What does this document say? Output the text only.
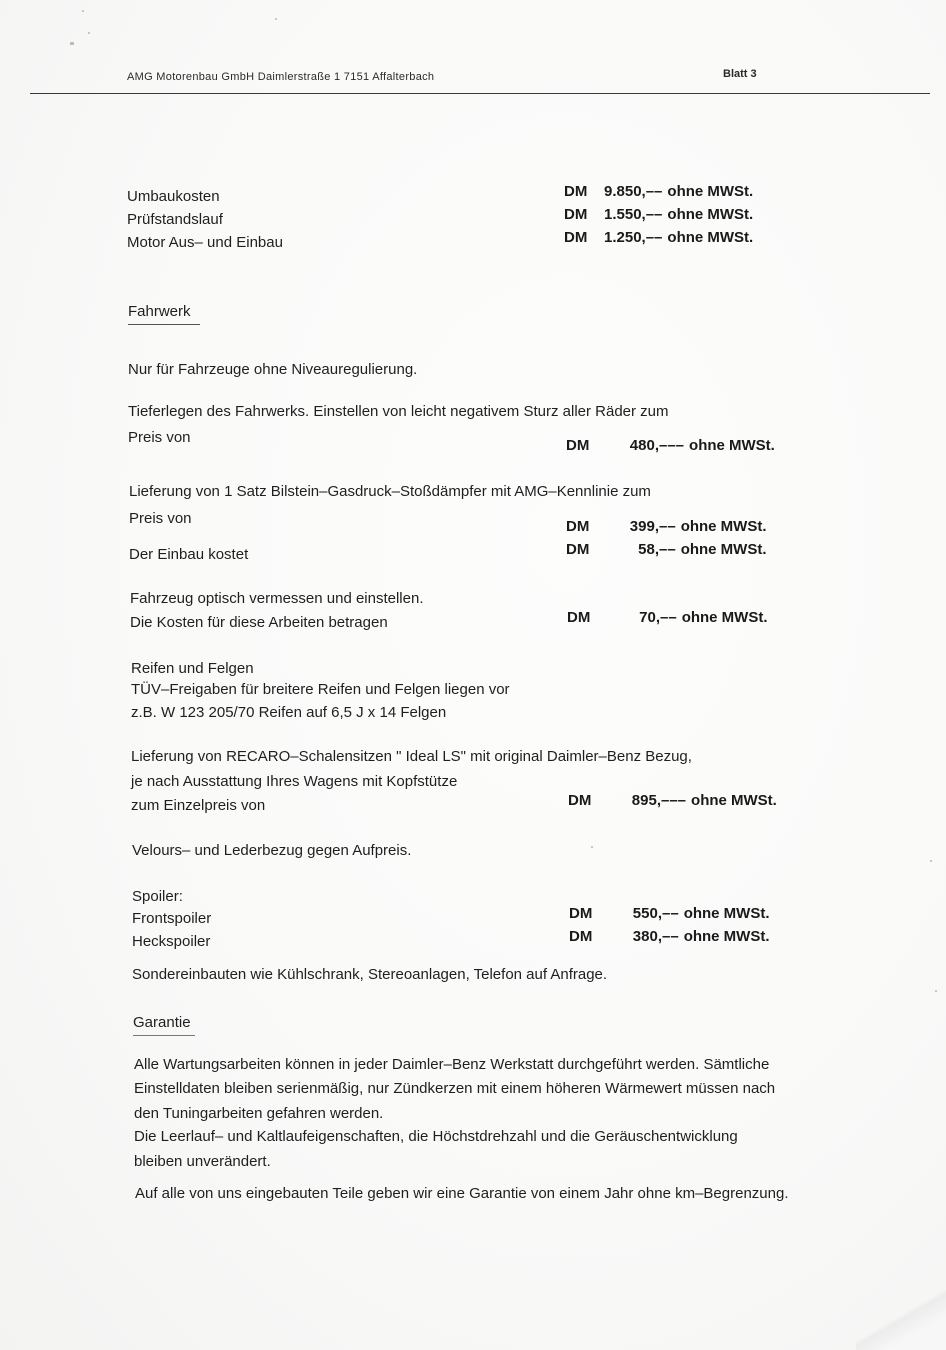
AMG Motorenbau GmbH Daimlerstraße 1 7151 Affalterbach	Blatt 3
Umbaukosten	DM 9.850,–– ohne MWSt.
Prüfstandslauf	DM 1.550,–– ohne MWSt.
Motor Aus– und Einbau	DM 1.250,–– ohne MWSt.
Fahrwerk
Nur für Fahrzeuge ohne Niveauregulierung.
Tieferlegen des Fahrwerks. Einstellen von leicht negativem Sturz aller Räder zum
Preis von	DM	480,––– ohne MWSt.
Lieferung von 1 Satz Bilstein–Gasdruck–Stoßdämpfer mit AMG–Kennlinie zum
Preis von	DM	399,–– ohne MWSt.
Der Einbau kostet	DM	58,–– ohne MWSt.
Fahrzeug optisch vermessen und einstellen.
Die Kosten für diese Arbeiten betragen	DM	70,–– ohne MWSt.
Reifen und Felgen
TÜV–Freigaben für breitere Reifen und Felgen liegen vor
z.B. W 123 205/70 Reifen auf 6,5 J x 14 Felgen
Lieferung von RECARO–Schalensitzen " Ideal LS" mit original Daimler–Benz Bezug,
je nach Ausstattung Ihres Wagens mit Kopfstütze
zum Einzelpreis von	DM	895,––– ohne MWSt.
Velours– und Lederbezug gegen Aufpreis.
Spoiler:
Frontspoiler	DM	550,–– ohne MWSt.
Heckspoiler	DM	380,–– ohne MWSt.
Sondereinbauten wie Kühlschrank, Stereoanlagen, Telefon auf Anfrage.
Garantie
Alle Wartungsarbeiten können in jeder Daimler–Benz Werkstatt durchgeführt werden. Sämtliche
Einstelldaten bleiben serienmäßig, nur Zündkerzen mit einem höheren Wärmewert müssen nach
den Tuningarbeiten gefahren werden.
Die Leerlauf– und Kaltlaufeigenschaften, die Höchstdrehzahl und die Geräuschentwicklung
bleiben unverändert.
Auf alle von uns eingebauten Teile geben wir eine Garantie von einem Jahr ohne km–Begrenzung.
